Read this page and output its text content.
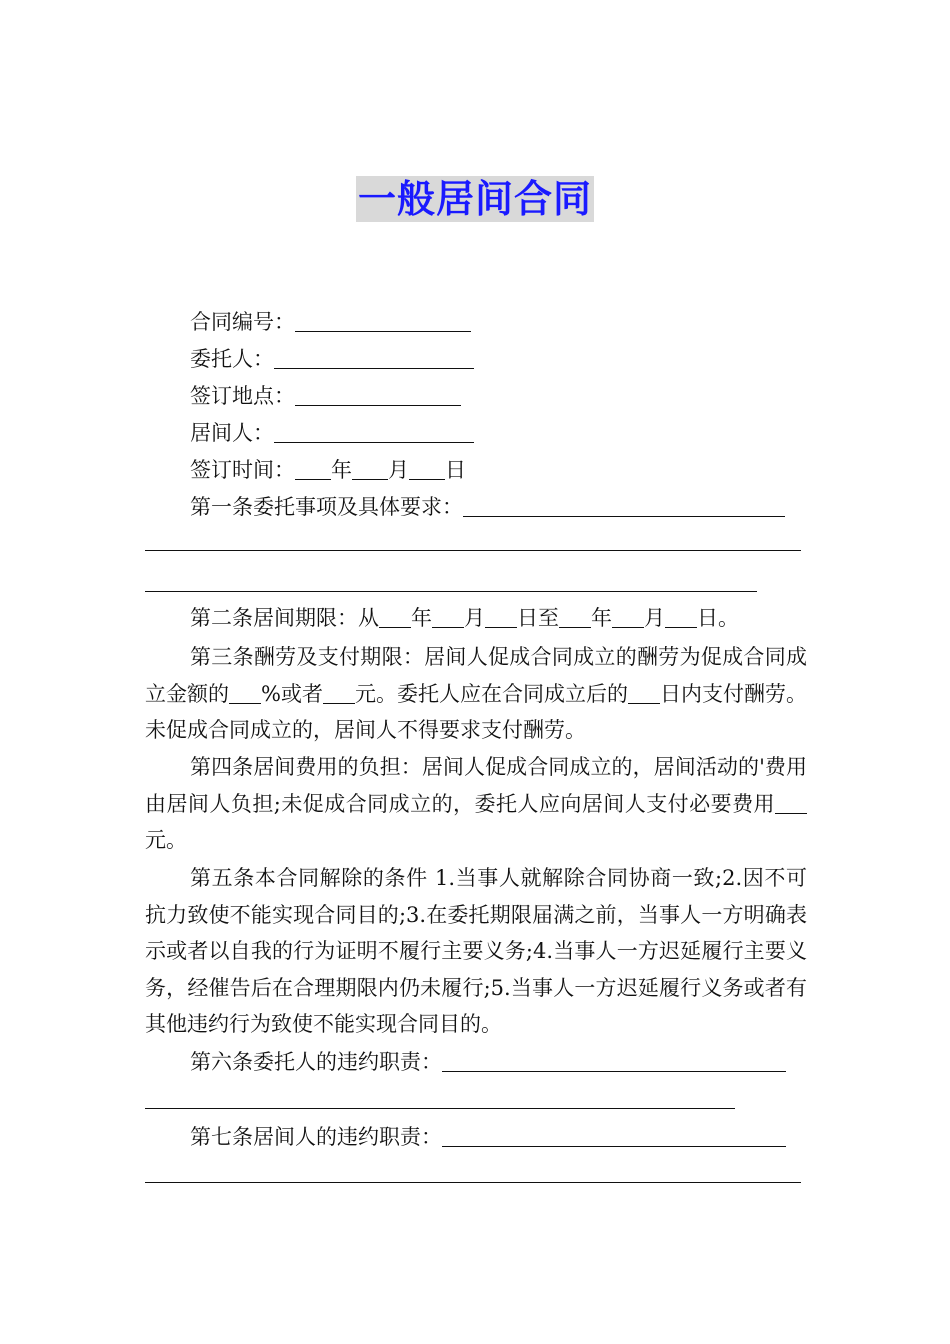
一般居间合同
合同编号：
委托人：
签订地点：
居间人：
签订时间： 年 月 日
第一条委托事项及具体要求：
第二条居间期限：从 年 月 日至 年 月 日。
第三条酬劳及支付期限：居间人促成合同成立的酬劳为促成合同成立金额的 %或者 元。委托人应在合同成立后的 日内支付酬劳。未促成合同成立的，居间人不得要求支付酬劳。
第四条居间费用的负担：居间人促成合同成立的，居间活动的'费用由居间人负担;未促成合同成立的，委托人应向居间人支付必要费用元。
第五条本合同解除的条件 1.当事人就解除合同协商一致;2.因不可抗力致使不能实现合同目的;3.在委托期限届满之前，当事人一方明确表示或者以自我的行为证明不履行主要义务;4.当事人一方迟延履行主要义务，经催告后在合理期限内仍未履行;5.当事人一方迟延履行义务或者有其他违约行为致使不能实现合同目的。
第六条委托人的违约职责：
第七条居间人的违约职责：
